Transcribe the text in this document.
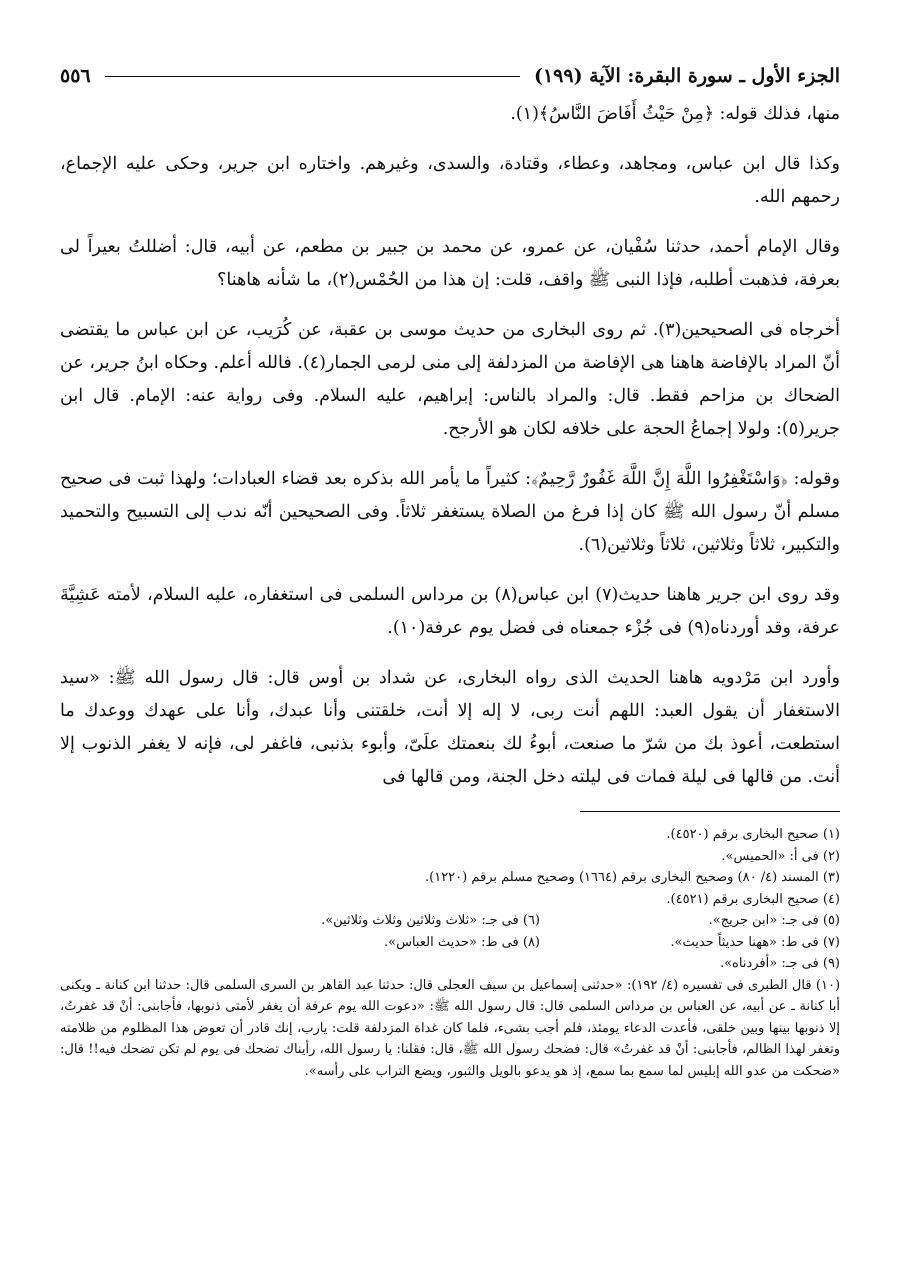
الجزء الأول ـ سورة البقرة: الآية (١٩٩)
٥٥٦

منها، فذلك قوله: ﴿مِنْ حَيْثُ أَفَاضَ النَّاسُ﴾(١).

وكذا قال ابن عباس، ومجاهد، وعطاء، وقتادة، والسدى، وغيرهم. واختاره ابن جرير، وحكى عليه الإجماع، رحمهم الله.

وقال الإمام أحمد، حدثنا سُفْيان، عن عمرو، عن محمد بن جبير بن مطعم، عن أبيه، قال: أضللتُ بعيراً لى بعرفة، فذهبت أطلبه، فإذا النبى ﷺ واقف، قلت: إن هذا من الحُمْس(٢)، ما شأنه هاهنا؟

أخرجاه فى الصحيحين(٣). ثم روى البخارى من حديث موسى بن عقبة، عن كُرَيب، عن ابن عباس ما يقتضى أنّ المراد بالإفاضة هاهنا هى الإفاضة من المزدلفة إلى منى لرمى الجمار(٤). فالله أعلم. وحكاه ابنُ جرير، عن الضحاك بن مزاحم فقط. قال: والمراد بالناس: إبراهيم، عليه السلام. وفى رواية عنه: الإمام. قال ابن جرير(٥): ولولا إجماعُ الحجة على خلافه لكان هو الأرجح.

وقوله: ﴿وَاسْتَغْفِرُوا اللَّهَ إِنَّ اللَّهَ غَفُورٌ رَّحِيمٌ﴾: كثيراً ما يأمر الله بذكره بعد قضاء العبادات؛ ولهذا ثبت فى صحيح مسلم أنّ رسول الله ﷺ كان إذا فرغ من الصلاة يستغفر ثلاثاً. وفى الصحيحين أنّه ندب إلى التسبيح والتحميد والتكبير، ثلاثاً وثلاثين، ثلاثاً وثلاثين(٦).

وقد روى ابن جرير هاهنا حديث(٧) ابن عباس(٨) بن مرداس السلمى فى استغفاره، عليه السلام، لأمته عَشِيَّةَ عرفة، وقد أوردناه(٩) فى جُزْء جمعناه فى فضل يوم عرفة(١٠).

وأورد ابن مَرْدويه هاهنا الحديث الذى رواه البخارى، عن شداد بن أوس قال: قال رسول الله ﷺ: «سيد الاستغفار أن يقول العبد: اللهم أنت ربى، لا إله إلا أنت، خلقتنى وأنا عبدك، وأنا على عهدك ووعدك ما استطعت، أعوذ بك من شرّ ما صنعت، أبوءُ لك بنعمتك علَىّ، وأبوء بذنبى، فاغفر لى، فإنه لا يغفر الذنوب إلا أنت. من قالها فى ليلة فمات فى ليلته دخل الجنة، ومن قالها فى

(١) صحيح البخارى برقم (٤٥٢٠).

(٢) فى أ: «الحميس».

(٣) المسند (٤/ ٨٠) وصحيح البخارى برقم (١٦٦٤) وصحيح مسلم برقم (١٢٢٠).

(٤) صحيح البخارى برقم (٤٥٢١).

(٥) فى جـ: «ابن جريج».

(٦) فى جـ: «ثلاث وثلاثين وثلاث وثلاثين».

(٧) فى ط: «ههنا حديثاً حديث».

(٨) فى ط: «حديث العباس».

(٩) فى جـ: «أفردناه».

(١٠) قال الطبرى فى تفسيره (٤/ ١٩٢): «حدثنى إسماعيل بن سيف العجلى قال: حدثنا عبد القاهر بن السرى السلمى قال: حدثنا ابن كنانة ـ ويكنى أبا كنانة ـ عن أبيه، عن العباس بن مرداس السلمى قال: قال رسول الله ﷺ: «دعوت الله يوم عرفة أن يغفر لأمتى ذنوبها، فأجابنى: أنْ قد غفرتُ، إلا ذنوبها بينها وبين خلقى، فأعدت الدعاء يومئذ، فلم أجب بشىء، فلما كان غداة المزدلفة قلت: يارب، إنك قادر أن تعوض هذا المظلوم من ظلامته وتغفر لهذا الظالم، فأجابنى: أنْ قد غفرتُ» قال: فضحك رسول الله ﷺ، قال: فقلنا: يا رسول الله، رأيناك تضحك فى يوم لم تكن تضحك فيه!! قال: «ضحكت من عدو الله إبليس لما سمع بما سمع، إذ هو يدعو بالويل والثبور، ويضع التراب على رأسه».
